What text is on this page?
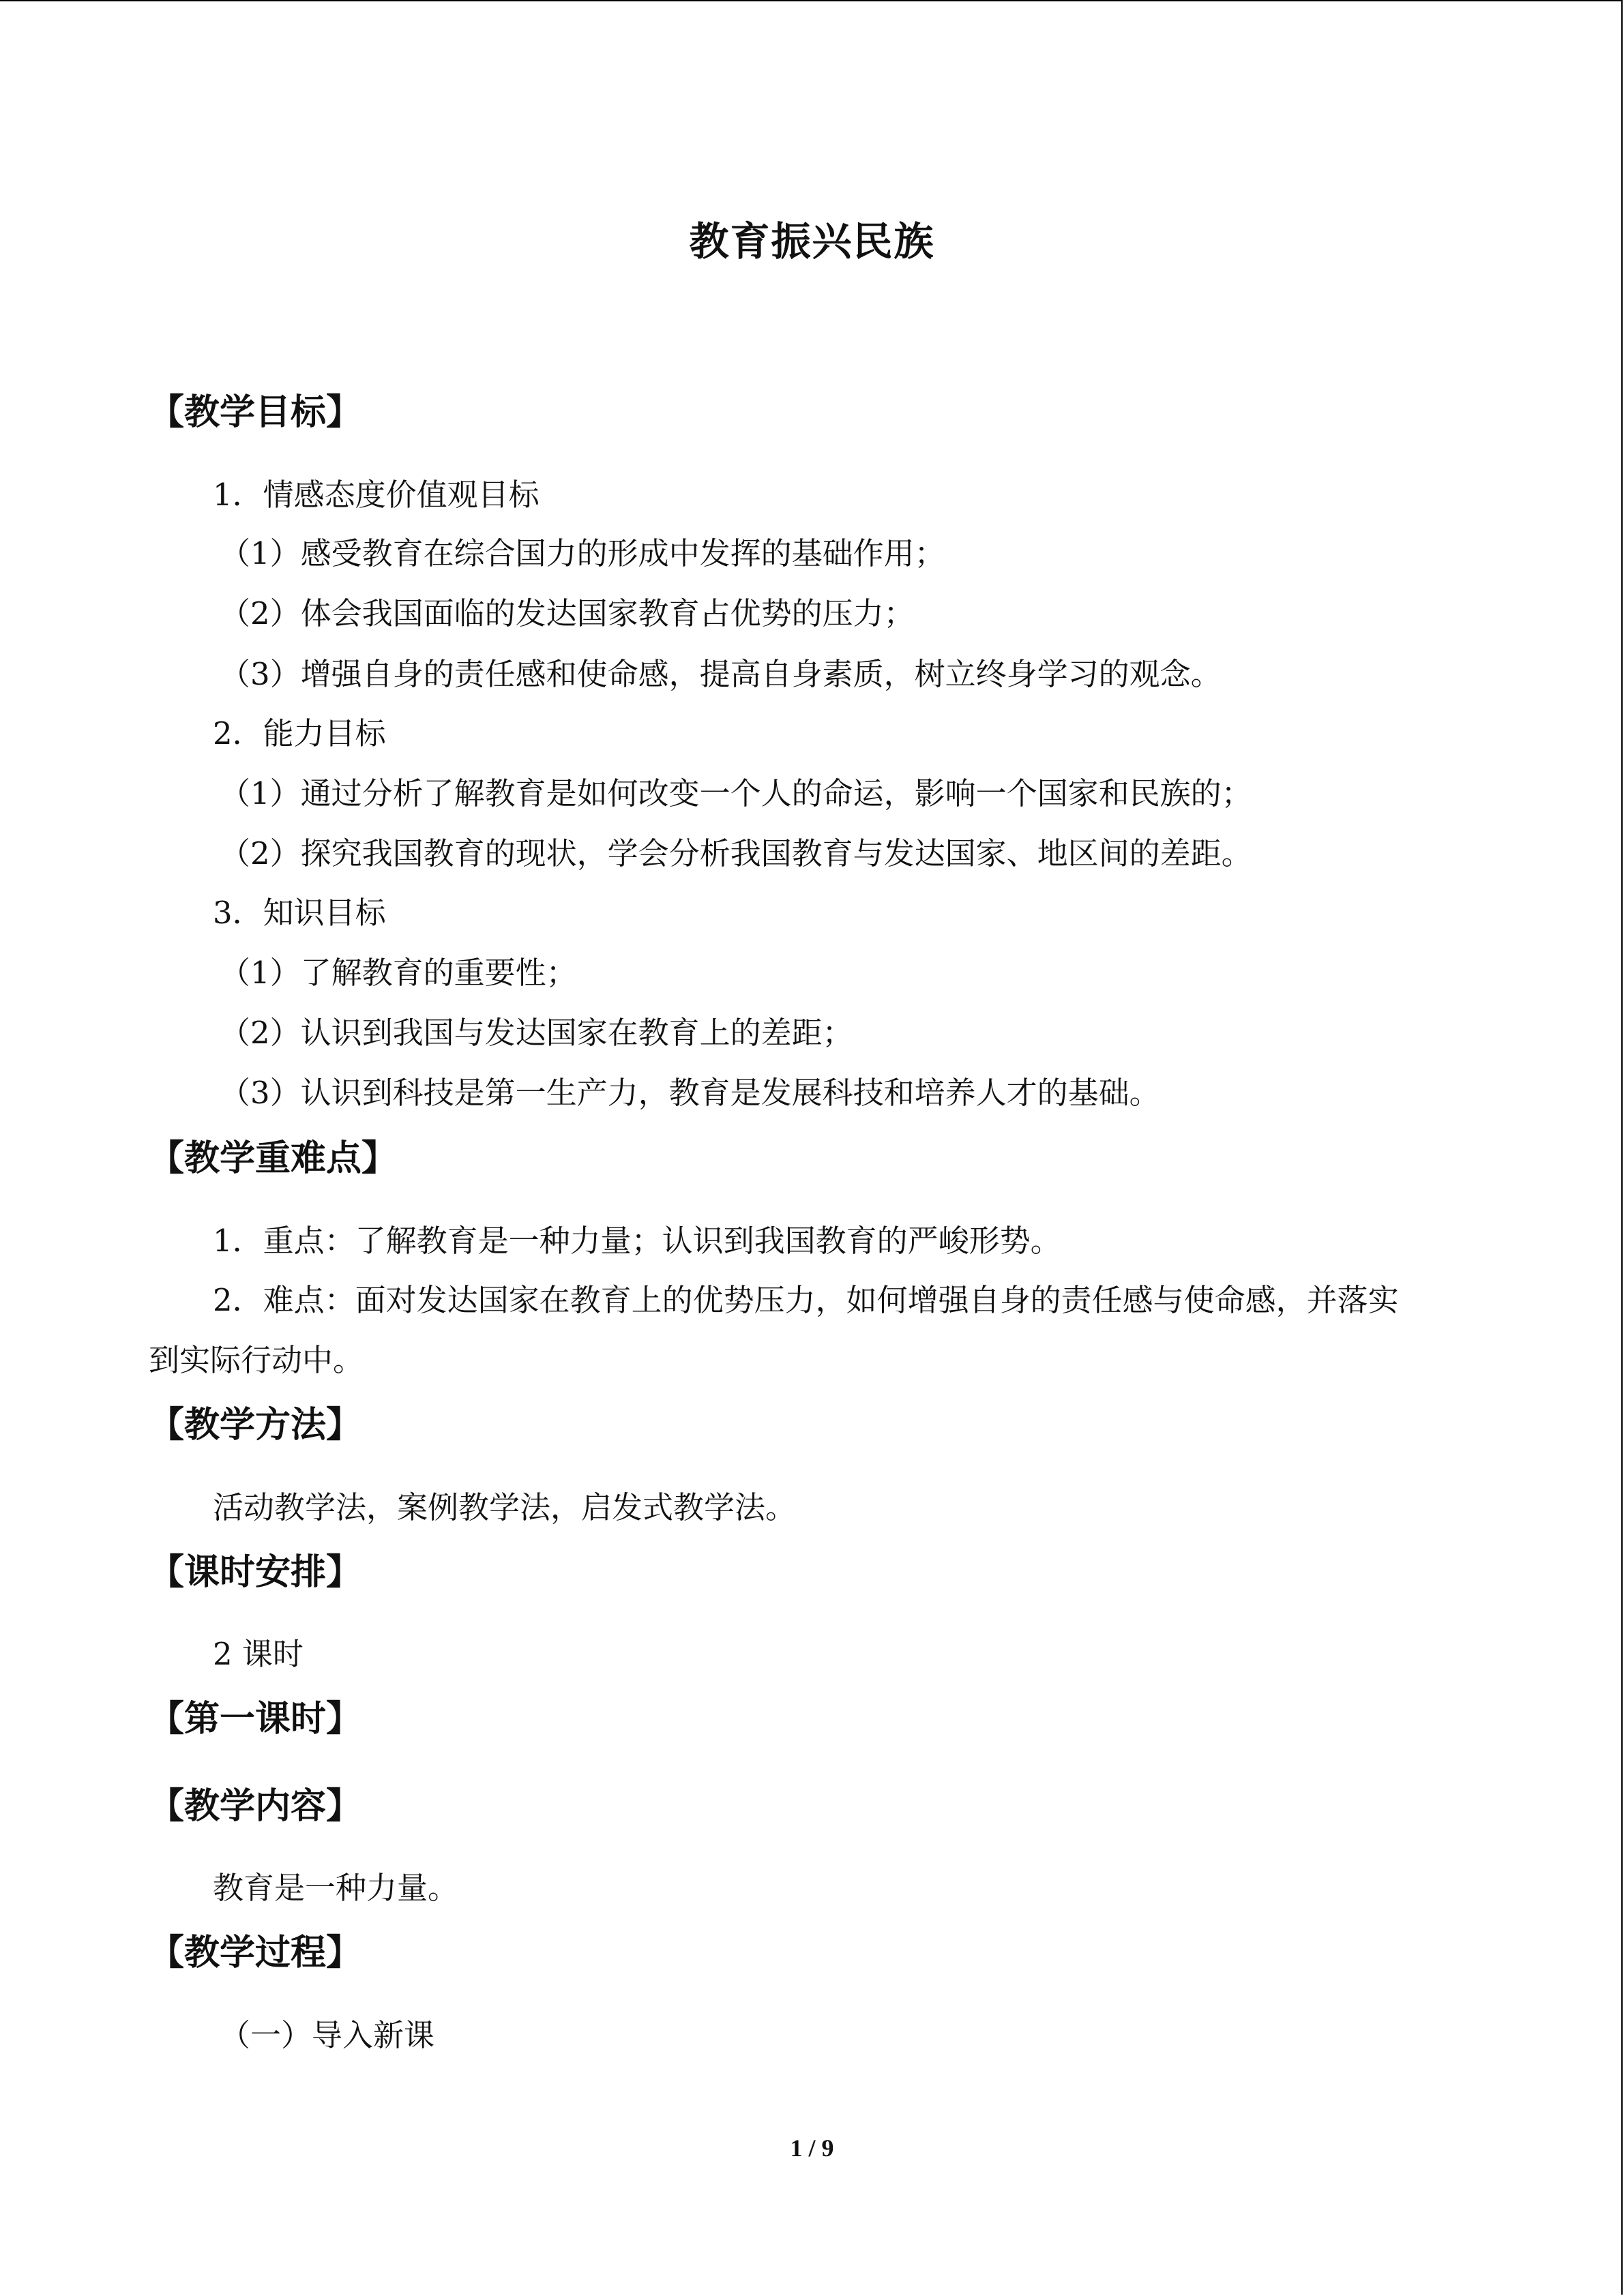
教育振兴民族
【教学目标】
1．情感态度价值观目标
（1）感受教育在综合国力的形成中发挥的基础作用；
（2）体会我国面临的发达国家教育占优势的压力；
（3）增强自身的责任感和使命感，提高自身素质，树立终身学习的观念。
2．能力目标
（1）通过分析了解教育是如何改变一个人的命运，影响一个国家和民族的；
（2）探究我国教育的现状，学会分析我国教育与发达国家、地区间的差距。
3．知识目标
（1）了解教育的重要性；
（2）认识到我国与发达国家在教育上的差距；
（3）认识到科技是第一生产力，教育是发展科技和培养人才的基础。
【教学重难点】
1．重点：了解教育是一种力量；认识到我国教育的严峻形势。
2．难点：面对发达国家在教育上的优势压力，如何增强自身的责任感与使命感，并落实
到实际行动中。
【教学方法】
活动教学法，案例教学法，启发式教学法。
【课时安排】
2 课时
【第一课时】
【教学内容】
教育是一种力量。
【教学过程】
（一）导入新课
1 / 9
